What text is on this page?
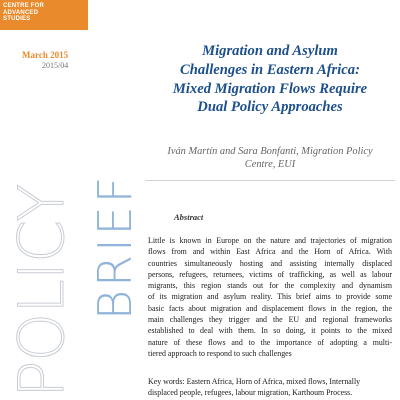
CENTRE FOR
ADVANCED
STUDIES
March 2015
2015/04
Migration and Asylum
Challenges in Eastern Africa:
Mixed Migration Flows Require
Dual Policy Approaches
Iván Martín and Sara Bonfanti, Migration Policy
Centre, EUI
POLICY BRIEF	Abstract

Little is known in Europe on the nature and trajectories of migration
flows from and within East Africa and the Horn of Africa. With
countries simultaneously hosting and assisting internally displaced
persons, refugees, returnees, victims of trafficking, as well as labour
migrants, this region stands out for the complexity and dynamism
of its migration and asylum reality. This brief aims to provide some
basic facts about migration and displacement flows in the region, the
main challenges they trigger and the EU and regional frameworks
established to deal with them. In so doing, it points to the mixed
nature of these flows and to the importance of adopting a multi-
tiered approach to respond to such challenges

Key words: Eastern Africa, Horn of Africa, mixed flows, Internally
displaced people, refugees, labour migration, Karthoum Process.
